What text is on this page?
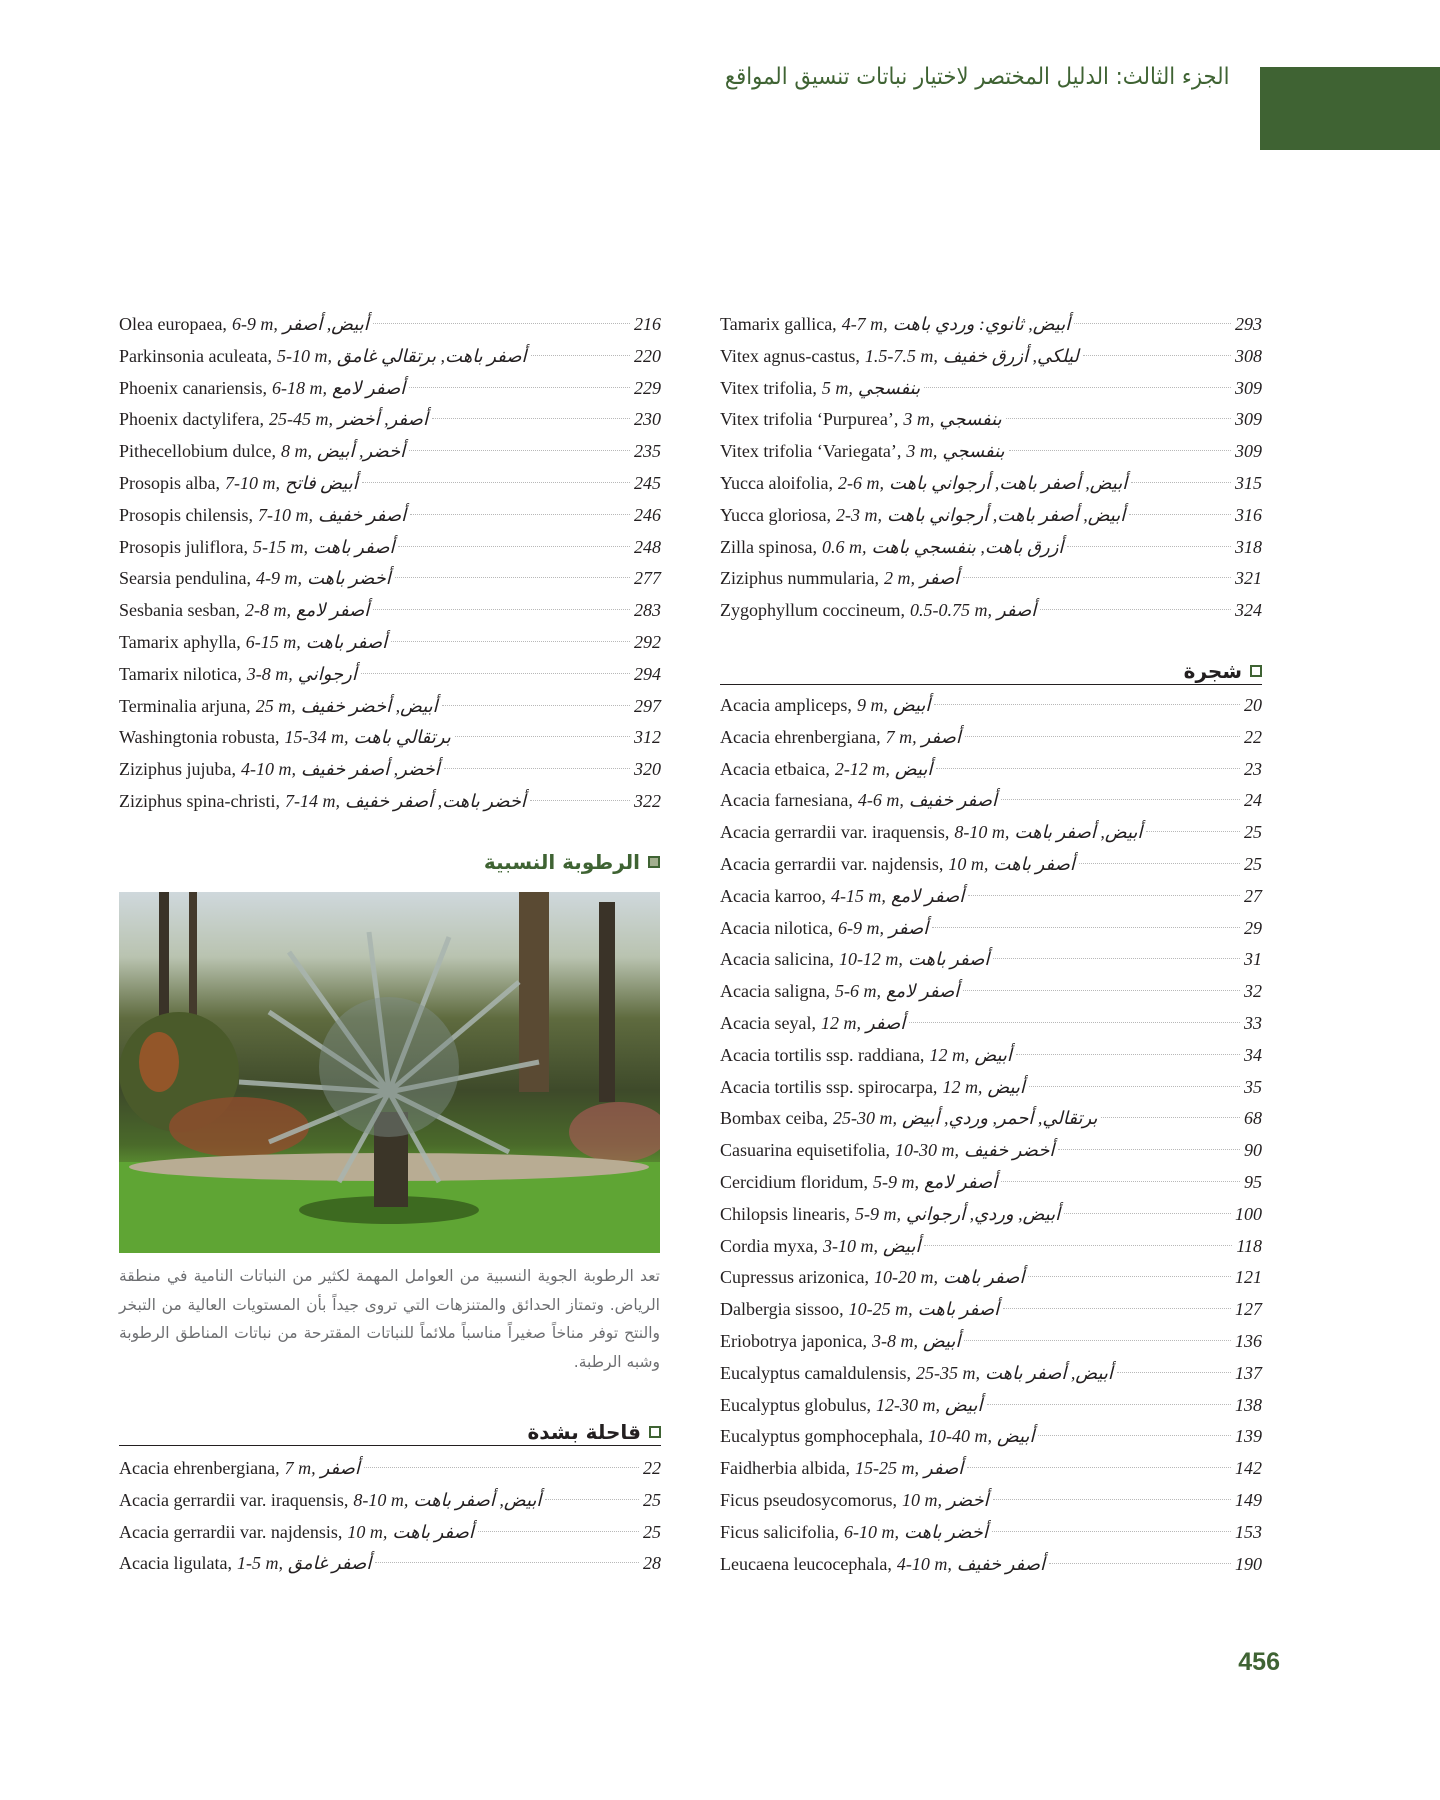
الجزء الثالث: الدليل المختصر لاختيار نباتات تنسيق المواقع
Olea europaea, 6-9 m, أبيض, أصفر	216
Parkinsonia aculeata, 5-10 m, أصفر باهت, برتقالي غامق	220
Phoenix canariensis, 6-18 m, أصفر لامع	229
Phoenix dactylifera, 25-45 m, أصفر, أخضر	230
Pithecellobium dulce, 8 m, أخضر, أبيض	235
Prosopis alba, 7-10 m, أبيض فاتح	245
Prosopis chilensis, 7-10 m, أصفر خفيف	246
Prosopis juliflora, 5-15 m, أصفر باهت	248
Searsia pendulina, 4-9 m, أخضر باهت	277
Sesbania sesban, 2-8 m, أصفر لامع	283
Tamarix aphylla, 6-15 m, أصفر باهت	292
Tamarix nilotica, 3-8 m, أرجواني	294
Terminalia arjuna, 25 m, أبيض, أخضر خفيف	297
Washingtonia robusta, 15-34 m, برتقالي باهت	312
Ziziphus jujuba, 4-10 m, أخضر, أصفر خفيف	320
Ziziphus spina-christi, 7-14 m, أخضر باهت, أصفر خفيف	322
الرطوبة النسبية
تعد الرطوبة الجوية النسبية من العوامل المهمة لكثير من النباتات النامية في منطقة الرياض. وتمتاز الحدائق والمتنزهات التي تروى جيداً بأن المستويات العالية من التبخر والنتح توفر مناخاً صغيراً مناسباً ملائماً للنباتات المقترحة من نباتات المناطق الرطوبة وشبه الرطبة.
قاحلة بشدة
Acacia ehrenbergiana, 7 m, أصفر	22
Acacia gerrardii var. iraquensis, 8-10 m, أبيض, أصفر باهت	25
Acacia gerrardii var. najdensis, 10 m, أصفر باهت	25
Acacia ligulata, 1-5 m, أصفر غامق	28
Tamarix gallica, 4-7 m, أبيض, ثانوي: وردي باهت	293
Vitex agnus-castus, 1.5-7.5 m, ليلكي, أزرق خفيف	308
Vitex trifolia, 5 m, بنفسجي	309
Vitex trifolia ‘Purpurea’, 3 m, بنفسجي	309
Vitex trifolia ‘Variegata’, 3 m, بنفسجي	309
Yucca aloifolia, 2-6 m, أبيض, أصفر باهت, أرجواني باهت	315
Yucca gloriosa, 2-3 m, أبيض, أصفر باهت, أرجواني باهت	316
Zilla spinosa, 0.6 m, أزرق باهت, بنفسجي باهت	318
Ziziphus nummularia, 2 m, أصفر	321
Zygophyllum coccineum, 0.5-0.75 m, أصفر	324
شجرة
Acacia ampliceps, 9 m, أبيض	20
Acacia ehrenbergiana, 7 m, أصفر	22
Acacia etbaica, 2-12 m, أبيض	23
Acacia farnesiana, 4-6 m, أصفر خفيف	24
Acacia gerrardii var. iraquensis, 8-10 m, أبيض, أصفر باهت	25
Acacia gerrardii var. najdensis, 10 m, أصفر باهت	25
Acacia karroo, 4-15 m, أصفر لامع	27
Acacia nilotica, 6-9 m, أصفر	29
Acacia salicina, 10-12 m, أصفر باهت	31
Acacia saligna, 5-6 m, أصفر لامع	32
Acacia seyal, 12 m, أصفر	33
Acacia tortilis ssp. raddiana, 12 m, أبيض	34
Acacia tortilis ssp. spirocarpa, 12 m, أبيض	35
Bombax ceiba, 25-30 m, برتقالي, أحمر, وردي, أبيض	68
Casuarina equisetifolia, 10-30 m, أخضر خفيف	90
Cercidium floridum, 5-9 m, أصفر لامع	95
Chilopsis linearis, 5-9 m, أبيض, وردي, أرجواني	100
Cordia myxa, 3-10 m, أبيض	118
Cupressus arizonica, 10-20 m, أصفر باهت	121
Dalbergia sissoo, 10-25 m, أصفر باهت	127
Eriobotrya japonica, 3-8 m, أبيض	136
Eucalyptus camaldulensis, 25-35 m, أبيض, أصفر باهت	137
Eucalyptus globulus, 12-30 m, أبيض	138
Eucalyptus gomphocephala, 10-40 m, أبيض	139
Faidherbia albida, 15-25 m, أصفر	142
Ficus pseudosycomorus, 10 m, أخضر	149
Ficus salicifolia, 6-10 m, أخضر باهت	153
Leucaena leucocephala, 4-10 m, أصفر خفيف	190
456
